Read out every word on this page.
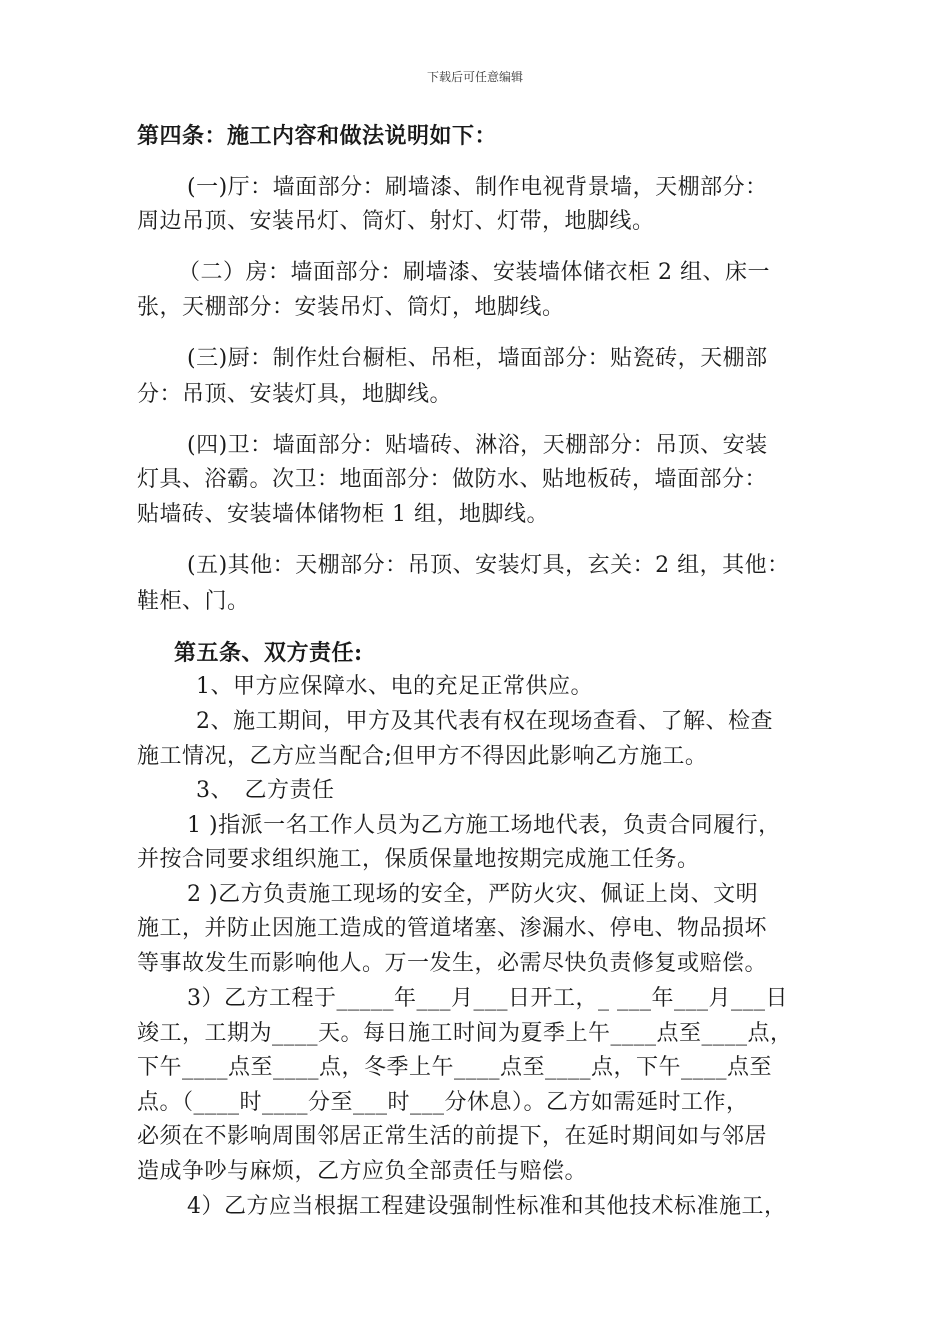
下载后可任意编辑
第四条：施工内容和做法说明如下：
(一)厅：墙面部分：刷墙漆、制作电视背景墙，天棚部分：
周边吊顶、安装吊灯、筒灯、射灯、灯带，地脚线。
（二）房：墙面部分：刷墙漆、安装墙体储衣柜 2 组、床一
张，天棚部分：安装吊灯、筒灯，地脚线。
(三)厨：制作灶台橱柜、吊柜，墙面部分：贴瓷砖，天棚部
分：吊顶、安装灯具，地脚线。
(四)卫：墙面部分：贴墙砖、淋浴，天棚部分：吊顶、安装
灯具、浴霸。次卫：地面部分：做防水、贴地板砖，墙面部分：
贴墙砖、安装墙体储物柜 1 组，地脚线。
(五)其他：天棚部分：吊顶、安装灯具，玄关：2 组，其他：
鞋柜、门。
第五条、双方责任:
1、甲方应保障水、电的充足正常供应。
2、施工期间，甲方及其代表有权在现场查看、了解、检查
施工情况，乙方应当配合;但甲方不得因此影响乙方施工。
3、　乙方责任
1 )指派一名工作人员为乙方施工场地代表，负责合同履行，
并按合同要求组织施工，保质保量地按期完成施工任务。
2 )乙方负责施工现场的安全，严防火灾、佩证上岗、文明
施工，并防止因施工造成的管道堵塞、渗漏水、停电、物品损坏
等事故发生而影响他人。万一发生，必需尽快负责修复或赔偿。
3）乙方工程于_____年___月___日开工，_ ___年___月___日
竣工，工期为____天。每日施工时间为夏季上午____点至____点，
下午____点至____点，冬季上午____点至____点，下午____点至
点。（____时____分至___时___分休息）。乙方如需延时工作，
必须在不影响周围邻居正常生活的前提下，在延时期间如与邻居
造成争吵与麻烦，乙方应负全部责任与赔偿。
4）乙方应当根据工程建设强制性标准和其他技术标准施工，
